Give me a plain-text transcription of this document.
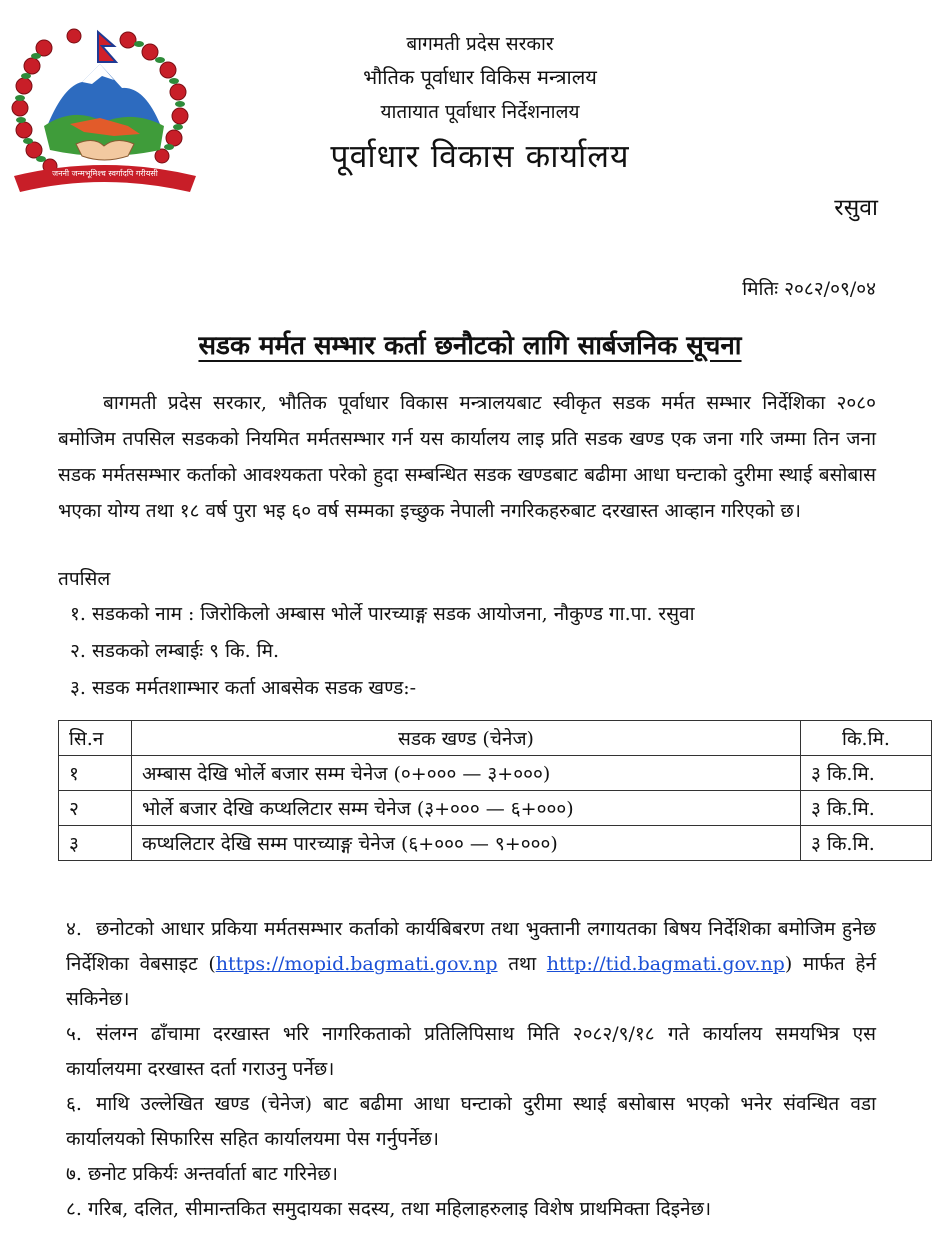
जननी जन्मभूमिश्च स्वर्गादपि गरीयसी
बागमती प्रदेस सरकार
भौतिक पूर्वाधार विकिस मन्त्रालय
यातायात पूर्वाधार निर्देशनालय
पूर्वाधार विकास कार्यालय
रसुवा
मितिः २०८२/०९/०४
सडक मर्मत सम्भार कर्ता छनौटको लागि सार्बजनिक सूचना

बागमती प्रदेस सरकार, भौतिक पूर्वाधार विकास मन्त्रालयबाट स्वीकृत सडक मर्मत सम्भार निर्देशिका २०८० बमोजिम तपसिल सडकको नियमित मर्मतसम्भार गर्न यस कार्यालय लाइ प्रति सडक खण्ड एक जना गरि जम्मा तिन जना सडक मर्मतसम्भार कर्ताको आवश्यकता परेको हुदा सम्बन्धित सडक खण्डबाट बढीमा आधा घन्टाको दुरीमा स्थाई बसोबास भएका योग्य तथा १८ वर्ष पुरा भइ ६० वर्ष सम्मका इच्छुक नेपाली नगरिकहरुबाट दरखास्त आव्हान गरिएको छ।

तपसिल
१. सडकको नाम : जिरोकिलो अम्बास भोर्ले पारच्याङ्ग सडक आयोजना, नौकुण्ड गा.पा. रसुवा
२. सडकको लम्बाईः ९ कि. मि.
३. सडक मर्मतशाम्भार कर्ता आबसेक सडक खण्ड:-
सि.न	सडक खण्ड (चेनेज)	कि.मि.
१	अम्बास देखि भोर्ले बजार सम्म चेनेज (०+००० — ३+०००)	३ कि.मि.
२	भोर्ले बजार देखि कप्थलिटार सम्म चेनेज (३+००० — ६+०००)	३ कि.मि.
३	कप्थलिटार देखि सम्म पारच्याङ्ग चेनेज (६+००० — ९+०००)	३ कि.मि.
४. छनोटको आधार प्रकिया मर्मतसम्भार कर्ताको कार्यबिबरण तथा भुक्तानी लगायतका बिषय निर्देशिका बमोजिम हुनेछ निर्देशिका वेबसाइट (https://mopid.bagmati.gov.np तथा http://tid.bagmati.gov.np) मार्फत हेर्न सकिनेछ।
५. संलग्न ढाँचामा दरखास्त भरि नागरिकताको प्रतिलिपिसाथ मिति २०८२/९/१८ गते कार्यालय समयभित्र एस कार्यालयमा दरखास्त दर्ता गराउनु पर्नेछ।
६. माथि उल्लेखित खण्ड (चेनेज) बाट बढीमा आधा घन्टाको दुरीमा स्थाई बसोबास भएको भनेर संवन्धित वडा कार्यालयको सिफारिस सहित कार्यालयमा पेस गर्नुपर्नेछ।
७. छनोट प्रकिर्यः अन्तर्वार्ता बाट गरिनेछ।
८. गरिब, दलित, सीमान्तकित समुदायका सदस्य, तथा महिलाहरुलाइ विशेष प्राथमिक्ता दिइनेछ।
